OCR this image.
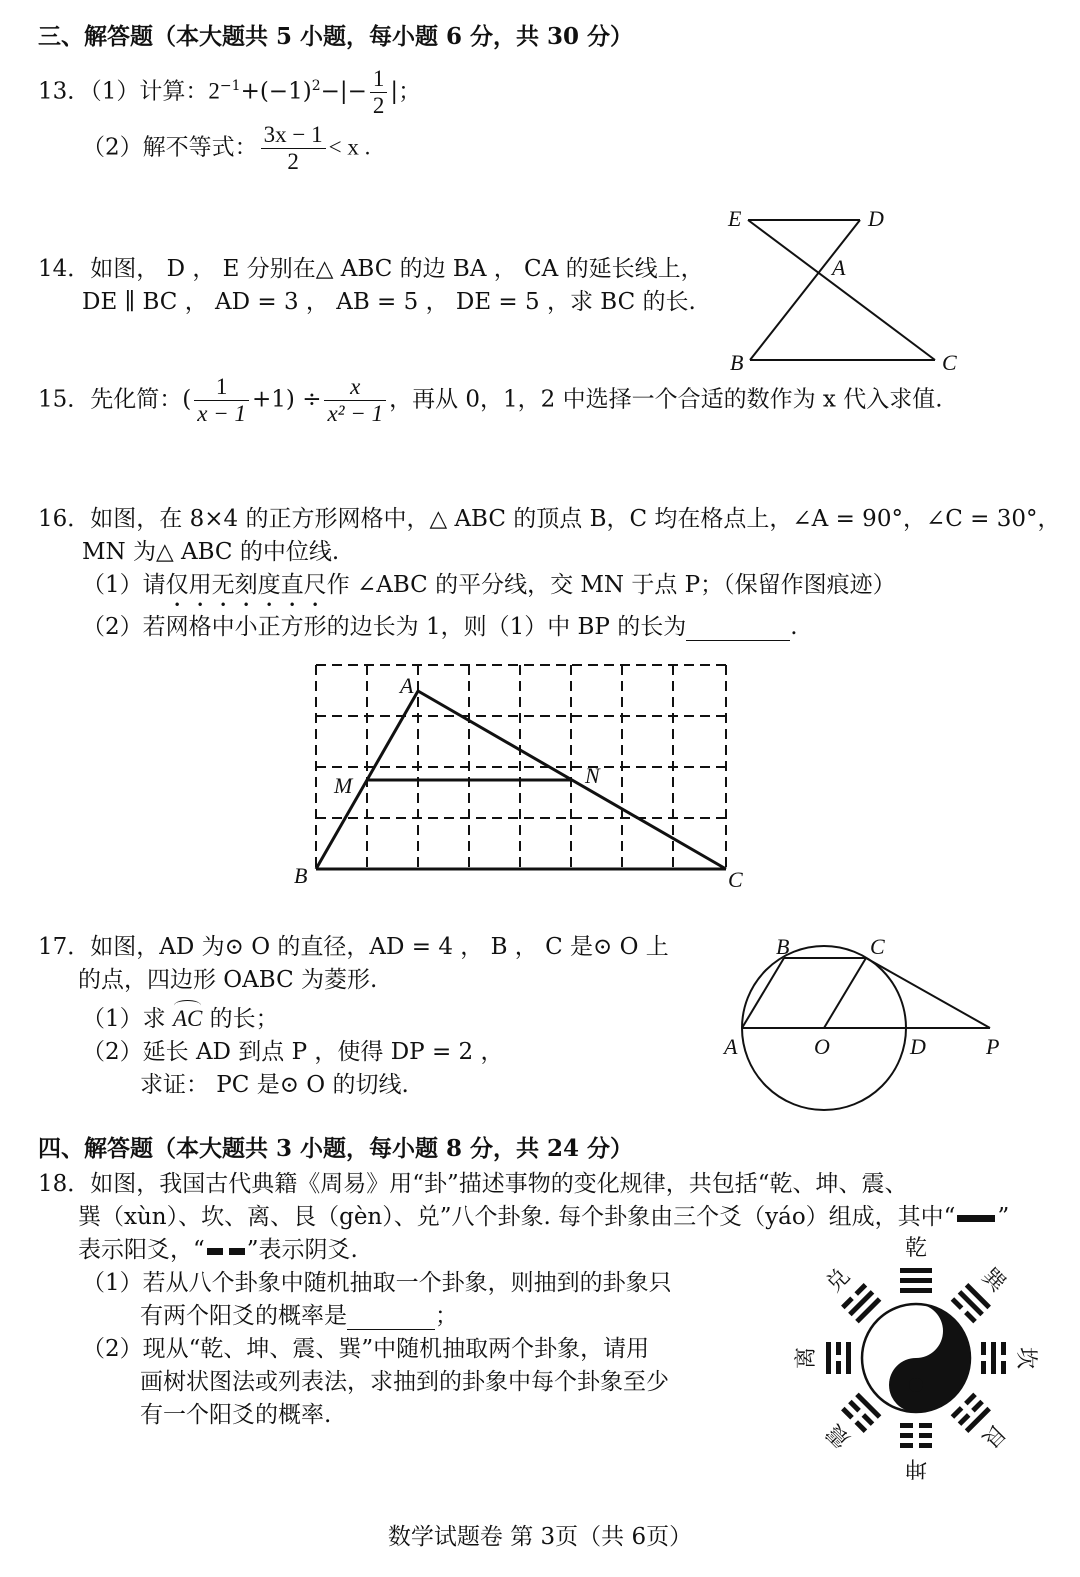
三、解答题（本大题共 5 小题，每小题 6 分，共 30 分）
13．（1）计算：$2^{-1}+(-1)^2-|- \frac{1}{2}$ |；
（2）解不等式： $\frac{3x - 1}{2} < x$ .
14．如图， D ， E 分别在△ ABC 的边 BA ， CA 的延长线上，
DE ∥ BC ， AD = 3 ， AB = 5 ， DE = 5 ，求 BC 的长.
E	D
A
B	C
15．先化简：( $\frac{1}{x - 1} +1) \div \frac{x}{\text{x² − 1}}$ ，再从 0，1，2 中选择一个合适的数作为 x 代入求值.
16．如图，在 8×4 的正方形网格中，△ ABC 的顶点 B，C 均在格点上，∠A = 90°，∠C = 30°，
MN 为△ ABC 的中位线.
（1）请仅用无刻度直尺作 ∠ABC 的平分线，交 MN 于点 P；（保留作图痕迹）
（2）若网格中小正方形的边长为 1，则（1）中 BP 的长为	.
A
B	C
M	N
17．如图，AD 为⊙ O 的直径，AD = 4 ， B ， C 是⊙ O 上
的点，四边形 OABC 为菱形.
（1）求 AC 的长；
（2）延长 AD 到点 P ，使得 DP = 2 ，
求证： PC 是⊙ O 的切线.
B	C
A	O	D	P
四、解答题（本大题共 3 小题，每小题 8 分，共 24 分）
18．如图，我国古代典籍《周易》用“卦”描述事物的变化规律，共包括“乾、坤、震、
巽（xùn）、坎、离、艮（gèn）、兑”八个卦象. 每个卦象由三个爻（yáo）组成，其中“ ”
表示阳爻，“ ”表示阴爻.
（1）若从八个卦象中随机抽取一个卦象，则抽到的卦象只
有两个阳爻的概率是	；
（2）现从“乾、坤、震、巽”中随机抽取两个卦象，请用
画树状图法或列表法，求抽到的卦象中每个卦象至少
有一个阳爻的概率.
乾
巽
坎
艮
坤
震
离
兑
数学试题卷 第 3页（共 6页）
